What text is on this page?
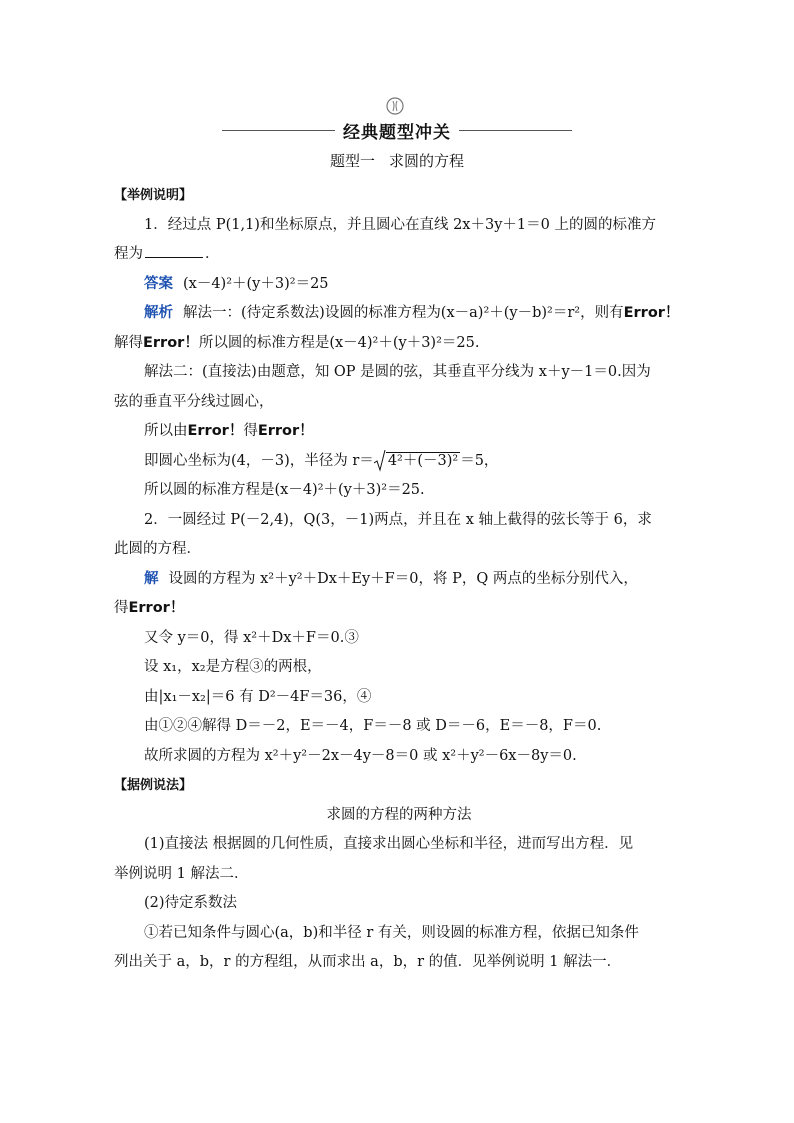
经典题型冲关
题型一 求圆的方程
【举例说明】
1．经过点 P(1,1)和坐标原点，并且圆心在直线 2x＋3y＋1＝0 上的圆的标准方
程为	．
答案 (x－4)²＋(y＋3)²＝25
解析 解法一：(待定系数法)设圆的标准方程为(x－a)²＋(y－b)²＝r²，则有Error！
解得Error！所以圆的标准方程是(x－4)²＋(y＋3)²＝25.
解法二：(直接法)由题意，知 OP 是圆的弦，其垂直平分线为 x＋y－1＝0.因为
弦的垂直平分线过圆心，
所以由Error！得Error！
即圆心坐标为(4，－3)，半径为 r＝ 4²＋(－3)² ＝5，
所以圆的标准方程是(x－4)²＋(y＋3)²＝25.
2．一圆经过 P(－2,4)，Q(3，－1)两点，并且在 x 轴上截得的弦长等于 6，求
此圆的方程．
解 设圆的方程为 x²＋y²＋Dx＋Ey＋F＝0，将 P，Q 两点的坐标分别代入，
得Error！
又令 y＝0，得 x²＋Dx＋F＝0.③
设 x₁，x₂是方程③的两根，
由|x₁－x₂|＝6 有 D²－4F＝36，④
由①②④解得 D＝－2，E＝－4，F＝－8 或 D＝－6，E＝－8，F＝0.
故所求圆的方程为 x²＋y²－2x－4y－8＝0 或 x²＋y²－6x－8y＝0.
【据例说法】
求圆的方程的两种方法
(1)直接法 根据圆的几何性质，直接求出圆心坐标和半径，进而写出方程．见
举例说明 1 解法二．
(2)待定系数法
①若已知条件与圆心(a，b)和半径 r 有关，则设圆的标准方程，依据已知条件
列出关于 a，b，r 的方程组，从而求出 a，b，r 的值．见举例说明 1 解法一．
